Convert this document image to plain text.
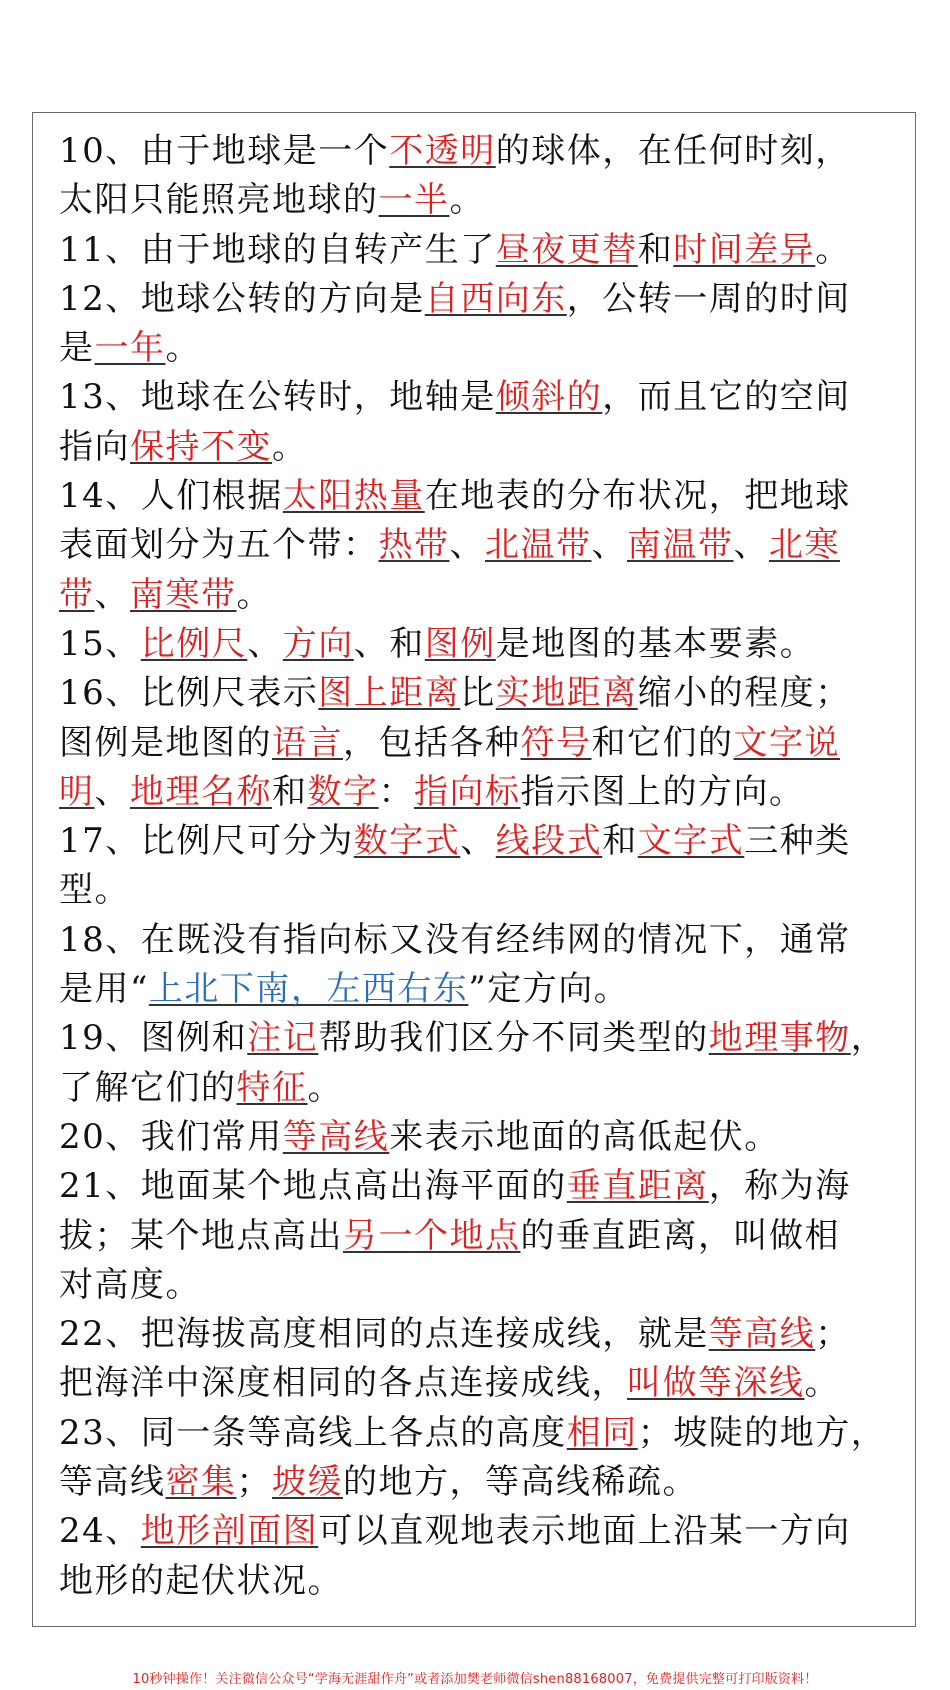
10、由于地球是一个不透明的球体，在任何时刻，
太阳只能照亮地球的一半。
11、由于地球的自转产生了昼夜更替和时间差异。
12、地球公转的方向是自西向东，公转一周的时间
是一年。
13、地球在公转时，地轴是倾斜的，而且它的空间
指向保持不变。
14、人们根据太阳热量在地表的分布状况，把地球
表面划分为五个带：热带、北温带、南温带、北寒
带、南寒带。
15、比例尺、方向、和图例是地图的基本要素。
16、比例尺表示图上距离比实地距离缩小的程度；
图例是地图的语言，包括各种符号和它们的文字说
明、地理名称和数字：指向标指示图上的方向。
17、比例尺可分为数字式、线段式和文字式三种类
型。
18、在既没有指向标又没有经纬网的情况下，通常
是用“上北下南，左西右东”定方向。
19、图例和注记帮助我们区分不同类型的地理事物，
了解它们的特征。
20、我们常用等高线来表示地面的高低起伏。
21、地面某个地点高出海平面的垂直距离，称为海
拔；某个地点高出另一个地点的垂直距离，叫做相
对高度。
22、把海拔高度相同的点连接成线，就是等高线；
把海洋中深度相同的各点连接成线，叫做等深线。
23、同一条等高线上各点的高度相同；坡陡的地方，
等高线密集；坡缓的地方，等高线稀疏。
24、地形剖面图可以直观地表示地面上沿某一方向
地形的起伏状况。
10秒钟操作！关注微信公众号“学海无涯甜作舟”或者添加樊老师微信shen88168007，免费提供完整可打印版资料！
